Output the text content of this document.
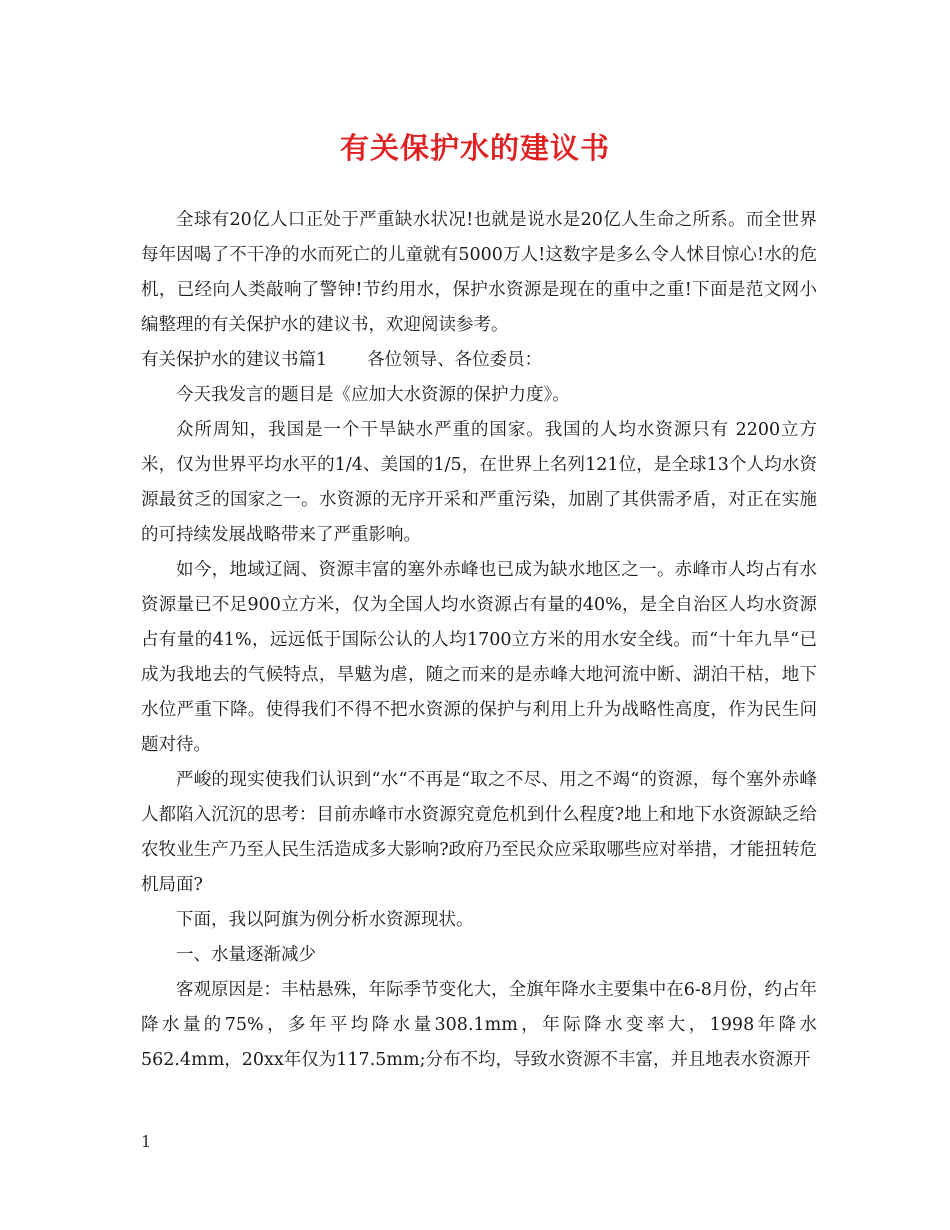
有关保护水的建议书

全球有20亿人口正处于严重缺水状况!也就是说水是20亿人生命之所系。而全世界每年因喝了不干净的水而死亡的儿童就有5000万人!这数字是多么令人怵目惊心!水的危机，已经向人类敲响了警钟!节约用水，保护水资源是现在的重中之重!下面是范文网小编整理的有关保护水的建议书，欢迎阅读参考。

有关保护水的建议书篇1 各位领导、各位委员：

今天我发言的题目是《应加大水资源的保护力度》。

众所周知，我国是一个干旱缺水严重的国家。我国的人均水资源只有 2200立方米，仅为世界平均水平的1/4、美国的1/5，在世界上名列121位，是全球13个人均水资源最贫乏的国家之一。水资源的无序开采和严重污染，加剧了其供需矛盾，对正在实施的可持续发展战略带来了严重影响。

如今，地域辽阔、资源丰富的塞外赤峰也已成为缺水地区之一。赤峰市人均占有水资源量已不足900立方米，仅为全国人均水资源占有量的40%，是全自治区人均水资源占有量的41%，远远低于国际公认的人均1700立方米的用水安全线。而“十年九旱“已成为我地去的气候特点，旱魃为虐，随之而来的是赤峰大地河流中断、湖泊干枯，地下水位严重下降。使得我们不得不把水资源的保护与利用上升为战略性高度，作为民生问题对待。

严峻的现实使我们认识到“水“不再是“取之不尽、用之不竭“的资源，每个塞外赤峰人都陷入沉沉的思考：目前赤峰市水资源究竟危机到什么程度?地上和地下水资源缺乏给农牧业生产乃至人民生活造成多大影响?政府乃至民众应采取哪些应对举措，才能扭转危机局面?

下面，我以阿旗为例分析水资源现状。

一、水量逐渐减少

客观原因是：丰枯悬殊，年际季节变化大，全旗年降水主要集中在6-8月份，约占年降水量的75%，多年平均降水量308.1mm，年际降水变率大，1998年降水562.4mm，20xx年仅为117.5mm;分布不均，导致水资源不丰富，并且地表水资源开

1
